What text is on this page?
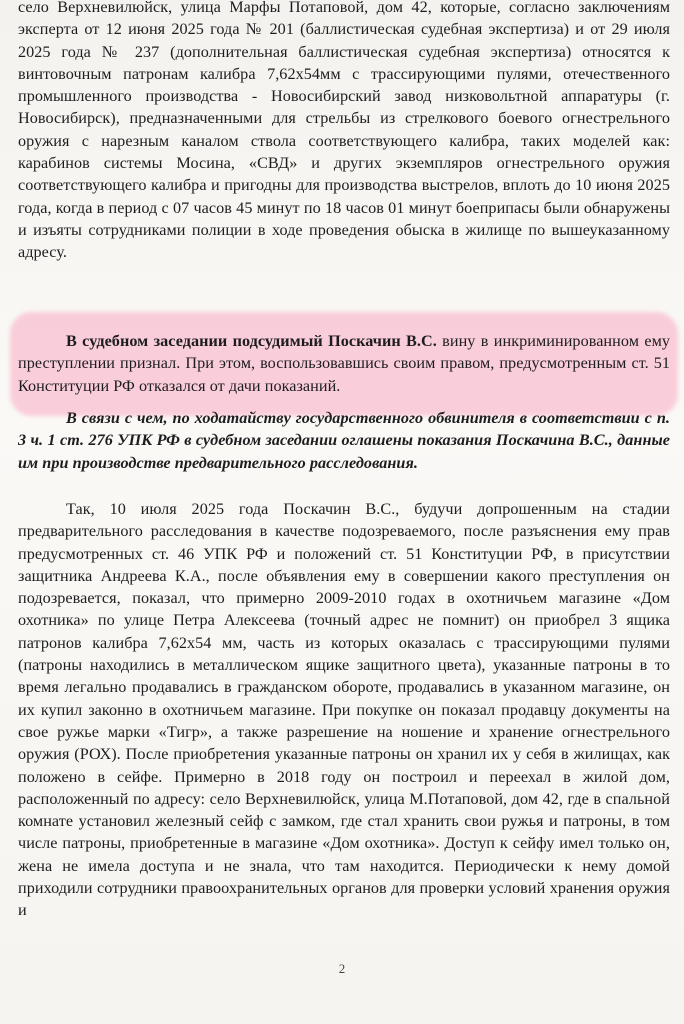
село Верхневилюйск, улица Марфы Потаповой, дом 42, которые, согласно заключениям эксперта от 12 июня 2025 года № 201 (баллистическая судебная экспертиза) и от 29 июля 2025 года № 237 (дополнительная баллистическая судебная экспертиза) относятся к винтовочным патронам калибра 7,62х54мм с трассирующими пулями, отечественного промышленного производства - Новосибирский завод низковольтной аппаратуры (г. Новосибирск), предназначенными для стрельбы из стрелкового боевого огнестрельного оружия с нарезным каналом ствола соответствующего калибра, таких моделей как: карабинов системы Мосина, «СВД» и других экземпляров огнестрельного оружия соответствующего калибра и пригодны для производства выстрелов, вплоть до 10 июня 2025 года, когда в период с 07 часов 45 минут по 18 часов 01 минут боеприпасы были обнаружены и изъяты сотрудниками полиции в ходе проведения обыска в жилище по вышеуказанному адресу.

В судебном заседании подсудимый Поскачин В.С. вину в инкриминированном ему преступлении признал. При этом, воспользовавшись своим правом, предусмотренным ст. 51 Конституции РФ отказался от дачи показаний.

В связи с чем, по ходатайству государственного обвинителя в соответствии с п. 3 ч. 1 ст. 276 УПК РФ в судебном заседании оглашены показания Поскачина В.С., данные им при производстве предварительного расследования.

Так, 10 июля 2025 года Поскачин В.С., будучи допрошенным на стадии предварительного расследования в качестве подозреваемого, после разъяснения ему прав предусмотренных ст. 46 УПК РФ и положений ст. 51 Конституции РФ, в присутствии защитника Андреева К.А., после объявления ему в совершении какого преступления он подозревается, показал, что примерно 2009-2010 годах в охотничьем магазине «Дом охотника» по улице Петра Алексеева (точный адрес не помнит) он приобрел 3 ящика патронов калибра 7,62х54 мм, часть из которых оказалась с трассирующими пулями (патроны находились в металлическом ящике защитного цвета), указанные патроны в то время легально продавались в гражданском обороте, продавались в указанном магазине, он их купил законно в охотничьем магазине. При покупке он показал продавцу документы на свое ружье марки «Тигр», а также разрешение на ношение и хранение огнестрельного оружия (РОХ). После приобретения указанные патроны он хранил их у себя в жилищах, как положено в сейфе. Примерно в 2018 году он построил и переехал в жилой дом, расположенный по адресу: село Верхневилюйск, улица М.Потаповой, дом 42, где в спальной комнате установил железный сейф с замком, где стал хранить свои ружья и патроны, в том числе патроны, приобретенные в магазине «Дом охотника». Доступ к сейфу имел только он, жена не имела доступа и не знала, что там находится. Периодически к нему домой приходили сотрудники правоохранительных органов для проверки условий хранения оружия и

2
